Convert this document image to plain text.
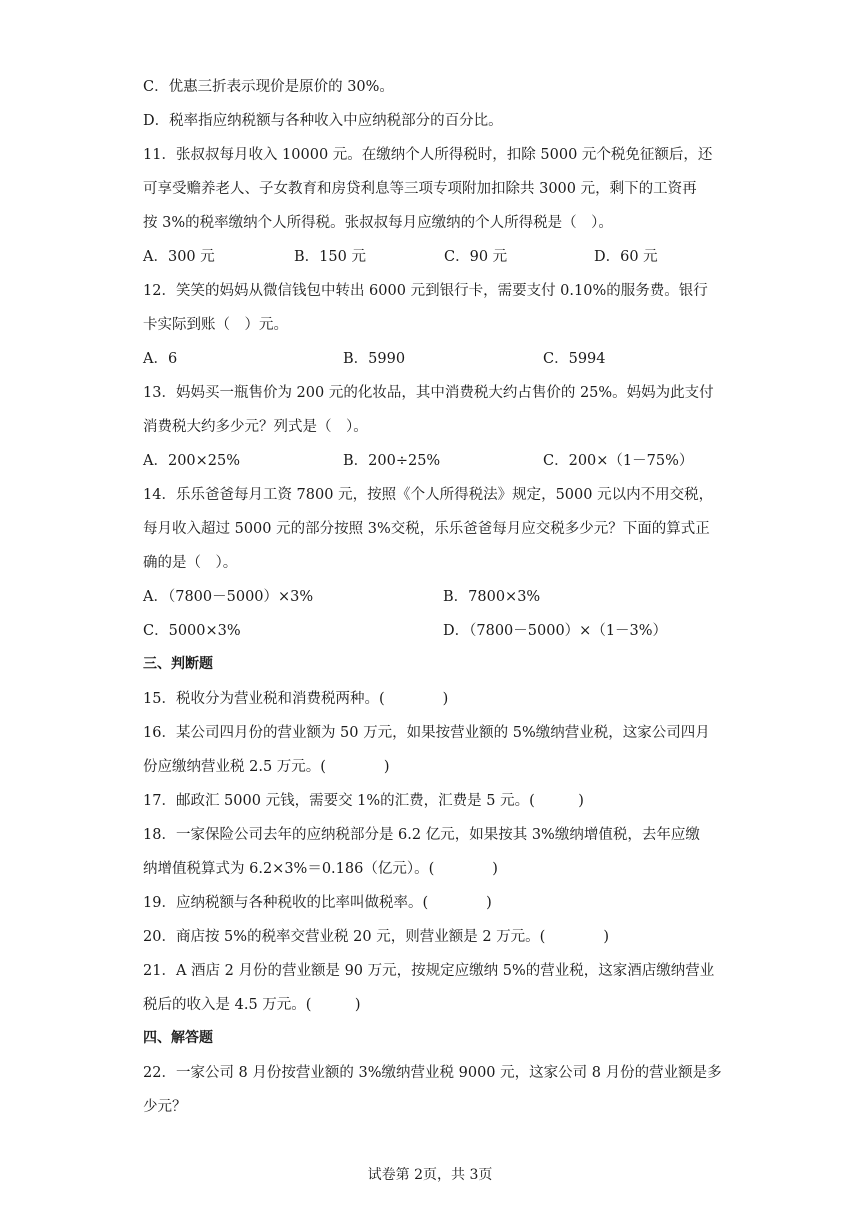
C．优惠三折表示现价是原价的 30%。
D．税率指应纳税额与各种收入中应纳税部分的百分比。
11．张叔叔每月收入 10000 元。在缴纳个人所得税时，扣除 5000 元个税免征额后，还
可享受赡养老人、子女教育和房贷利息等三项专项附加扣除共 3000 元，剩下的工资再
按 3%的税率缴纳个人所得税。张叔叔每月应缴纳的个人所得税是（　）。
A．300 元	B．150 元	C．90 元	D．60 元
12．笑笑的妈妈从微信钱包中转出 6000 元到银行卡，需要支付 0.10%的服务费。银行
卡实际到账（　）元。
A．6	B．5990	C．5994
13．妈妈买一瓶售价为 200 元的化妆品，其中消费税大约占售价的 25%。妈妈为此支付
消费税大约多少元？列式是（　）。
A．200×25%	B．200÷25%	C．200×（1－75%）
14．乐乐爸爸每月工资 7800 元，按照《个人所得税法》规定，5000 元以内不用交税，
每月收入超过 5000 元的部分按照 3%交税，乐乐爸爸每月应交税多少元？下面的算式正
确的是（　）。
A．（7800－5000）×3%	B．7800×3%
C．5000×3%	D．（7800－5000）×（1－3%）
三、判断题
15．税收分为营业税和消费税两种。(　　　　)
16．某公司四月份的营业额为 50 万元，如果按营业额的 5%缴纳营业税，这家公司四月
份应缴纳营业税 2.5 万元。(　　　　)
17．邮政汇 5000 元钱，需要交 1%的汇费，汇费是 5 元。(　　　)
18．一家保险公司去年的应纳税部分是 6.2 亿元，如果按其 3%缴纳增值税，去年应缴
纳增值税算式为 6.2×3%＝0.186（亿元）。(　　　　)
19．应纳税额与各种税收的比率叫做税率。(　　　　)
20．商店按 5%的税率交营业税 20 元，则营业额是 2 万元。(　　　　)
21．A 酒店 2 月份的营业额是 90 万元，按规定应缴纳 5%的营业税，这家酒店缴纳营业
税后的收入是 4.5 万元。(　　　)
四、解答题
22．一家公司 8 月份按营业额的 3%缴纳营业税 9000 元，这家公司 8 月份的营业额是多
少元？
试卷第 2页，共 3页
